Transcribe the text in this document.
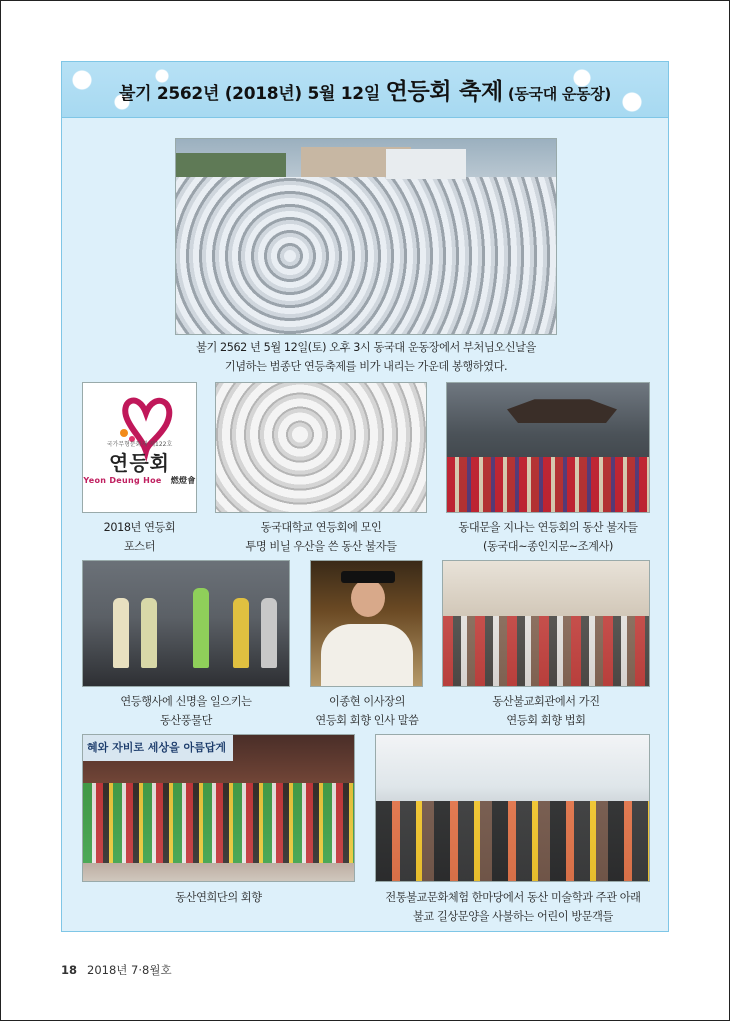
불기 2562년 (2018년) 5월 12일 연등회 축제 (동국대 운동장)
불기 2562 년 5월 12일(토) 오후 3시 동국대 운동장에서 부처님오신날을
기념하는 범종단 연등축제를 비가 내리는 가운데 봉행하였다.
국가무형문화재 제122호
연등회
Yeon Deung Hoe 燃燈會
2018년 연등회
포스터
동국대학교 연등회에 모인
투명 비닐 우산을 쓴 동산 불자들
동대문을 지나는 연등회의 동산 불자들
(동국대~종인지문~조계사)
연등행사에 신명을 일으키는
동산풍물단
이종현 이사장의
연등회 회향 인사 말씀
동산불교회관에서 가진
연등회 회향 법회
혜와 자비로 세상을 아름답게
동산연희단의 회향	전통불교문화체험 한마당에서 동산 미술학과 주관 아래
불교 길상문양을 사불하는 어린이 방문객들
18 2018년 7·8월호
